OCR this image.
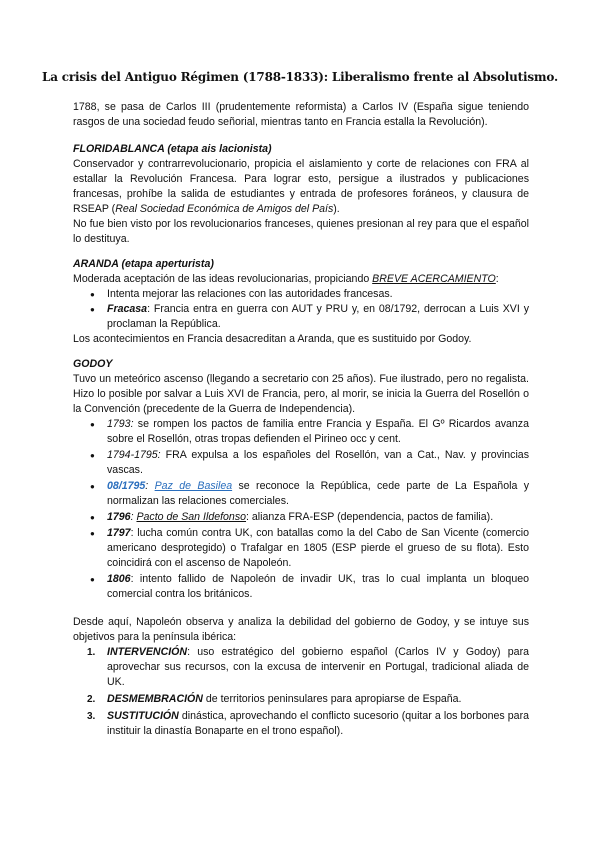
La crisis del Antiguo Régimen (1788-1833): Liberalismo frente al Absolutismo.

1788, se pasa de Carlos III (prudentemente reformista) a Carlos IV (España sigue teniendo rasgos de una sociedad feudo señorial, mientras tanto en Francia estalla la Revolución).

FLORIDABLANCA (etapa ais lacionista)

Conservador y contrarrevolucionario, propicia el aislamiento y corte de relaciones con FRA al estallar la Revolución Francesa. Para lograr esto, persigue a ilustrados y publicaciones francesas, prohíbe la salida de estudiantes y entrada de profesores foráneos, y clausura de RSEAP (Real Sociedad Económica de Amigos del País).

No fue bien visto por los revolucionarios franceses, quienes presionan al rey para que el español lo destituya.

ARANDA (etapa aperturista)

Moderada aceptación de las ideas revolucionarias, propiciando BREVE ACERCAMIENTO:

● Intenta mejorar las relaciones con las autoridades francesas.
● Fracasa: Francia entra en guerra con AUT y PRU y, en 08/1792, derrocan a Luis XVI y proclaman la República.

Los acontecimientos en Francia desacreditan a Aranda, que es sustituido por Godoy.

GODOY

Tuvo un meteórico ascenso (llegando a secretario con 25 años). Fue ilustrado, pero no regalista. Hizo lo posible por salvar a Luis XVI de Francia, pero, al morir, se inicia la Guerra del Rosellón o la Convención (precedente de la Guerra de Independencia).

● 1793: se rompen los pactos de familia entre Francia y España. El Gº Ricardos avanza sobre el Rosellón, otras tropas defienden el Pirineo occ y cent.
● 1794-1795: FRA expulsa a los españoles del Rosellón, van a Cat., Nav. y provincias vascas.
● 08/1795: Paz de Basilea se reconoce la República, cede parte de La Española y normalizan las relaciones comerciales.
● 1796: Pacto de San Ildefonso: alianza FRA-ESP (dependencia, pactos de familia).
● 1797: lucha común contra UK, con batallas como la del Cabo de San Vicente (comercio americano desprotegido) o Trafalgar en 1805 (ESP pierde el grueso de su flota). Esto coincidirá con el ascenso de Napoleón.
● 1806: intento fallido de Napoleón de invadir UK, tras lo cual implanta un bloqueo comercial contra los británicos.

Desde aquí, Napoleón observa y analiza la debilidad del gobierno de Godoy, y se intuye sus objetivos para la península ibérica:

1. INTERVENCIÓN: uso estratégico del gobierno español (Carlos IV y Godoy) para aprovechar sus recursos, con la excusa de intervenir en Portugal, tradicional aliada de UK.
2. DESMEMBRACIÓN de territorios peninsulares para apropiarse de España.
3. SUSTITUCIÓN dinástica, aprovechando el conflicto sucesorio (quitar a los borbones para instituir la dinastía Bonaparte en el trono español).
